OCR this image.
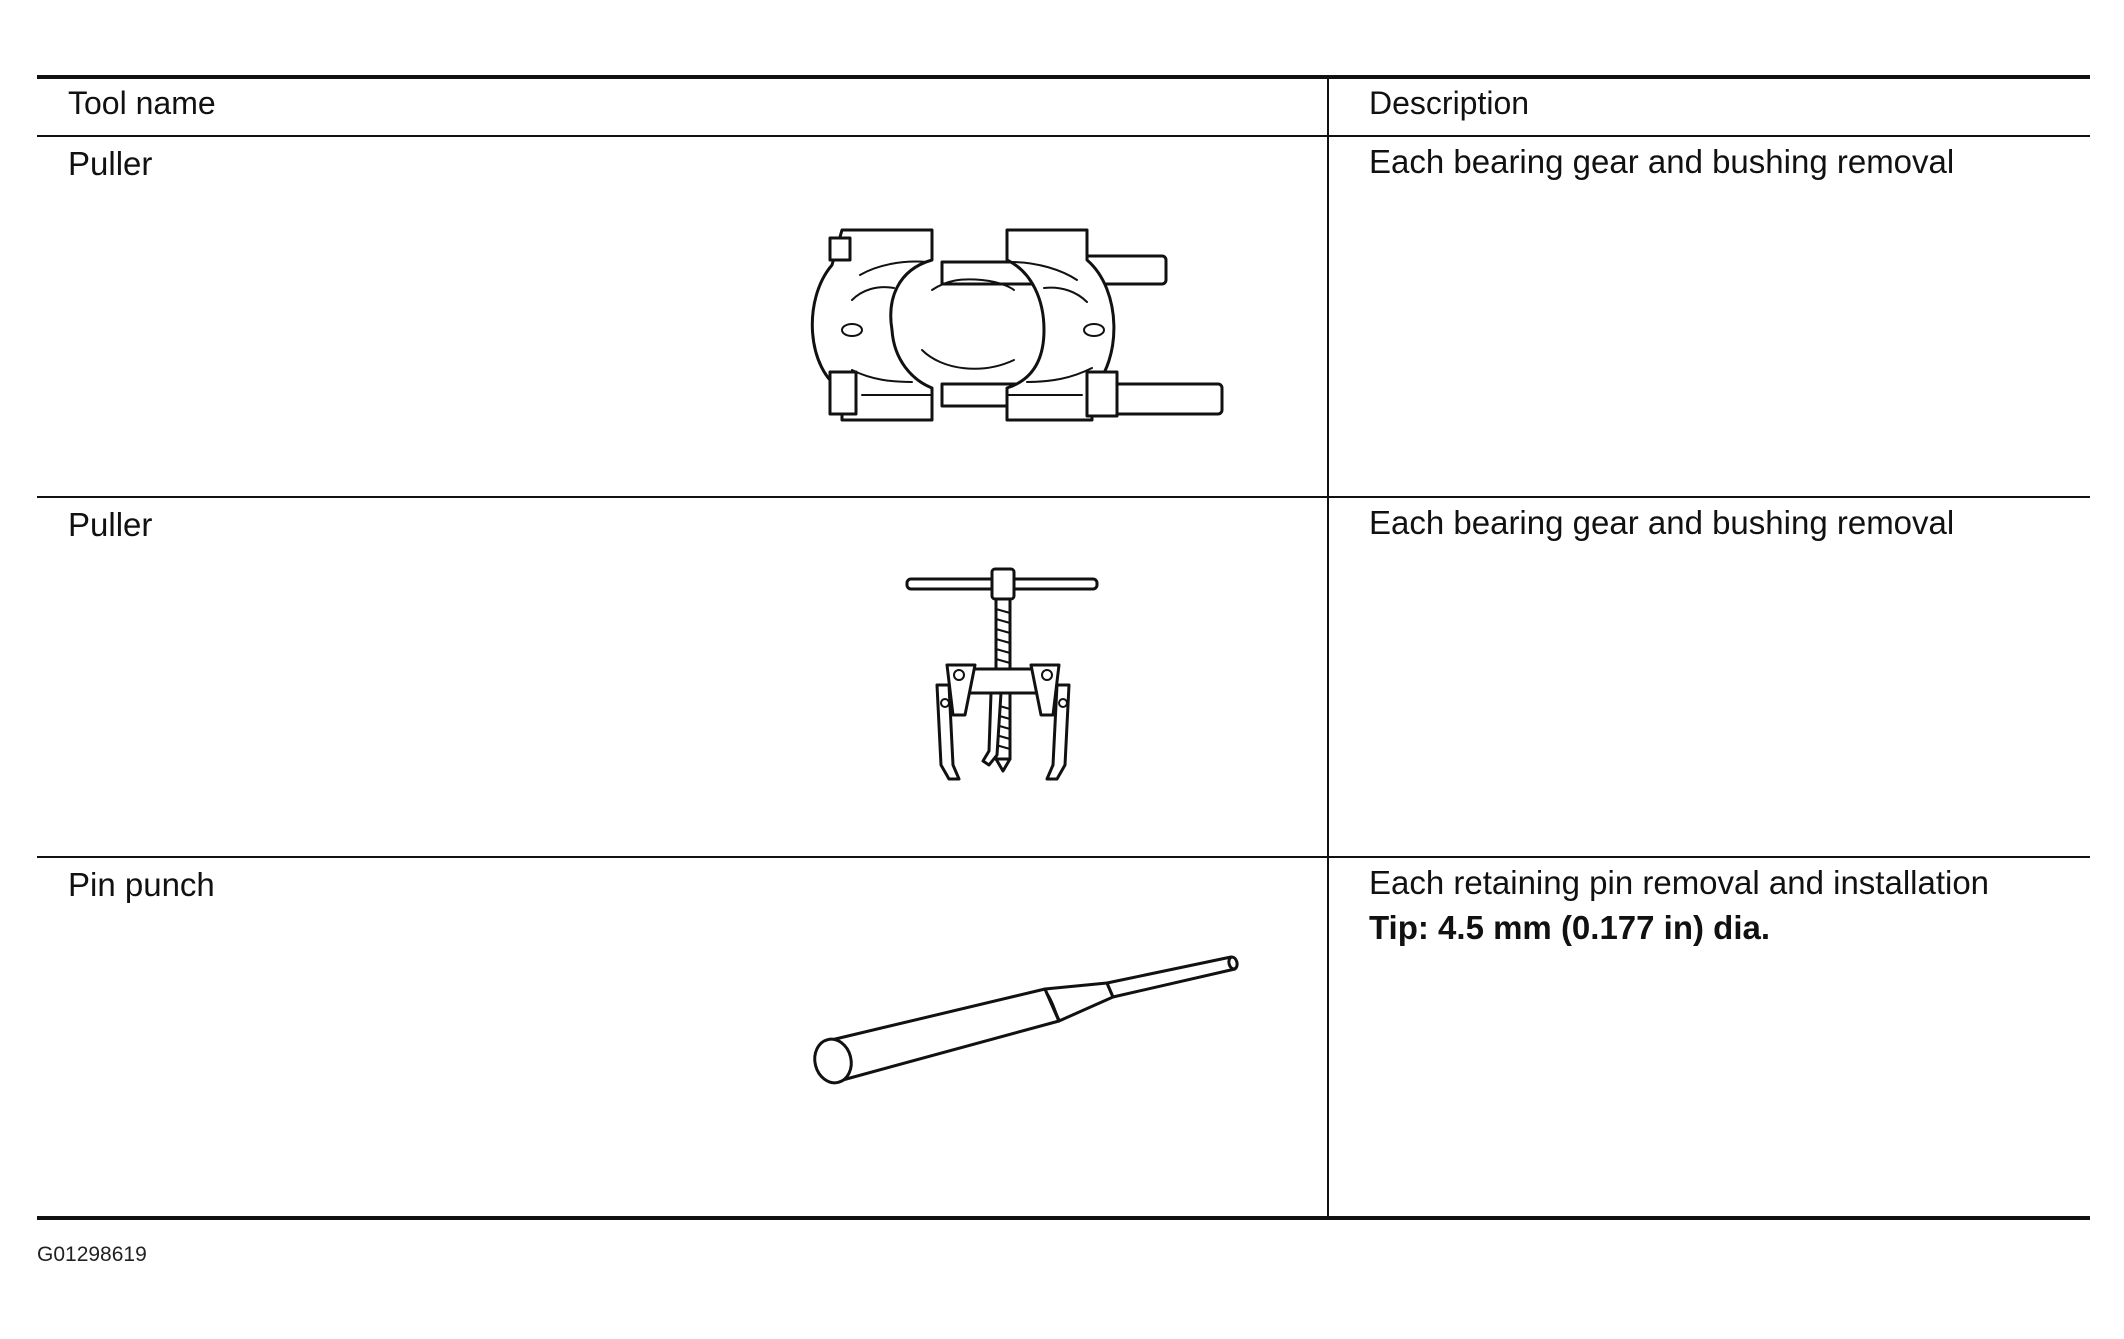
Tool name	Description
Puller	Each bearing gear and bushing removal
Puller	Each bearing gear and bushing removal
Pin punch	Each retaining pin removal and installation
Tip: 4.5 mm (0.177 in) dia.
G01298619
